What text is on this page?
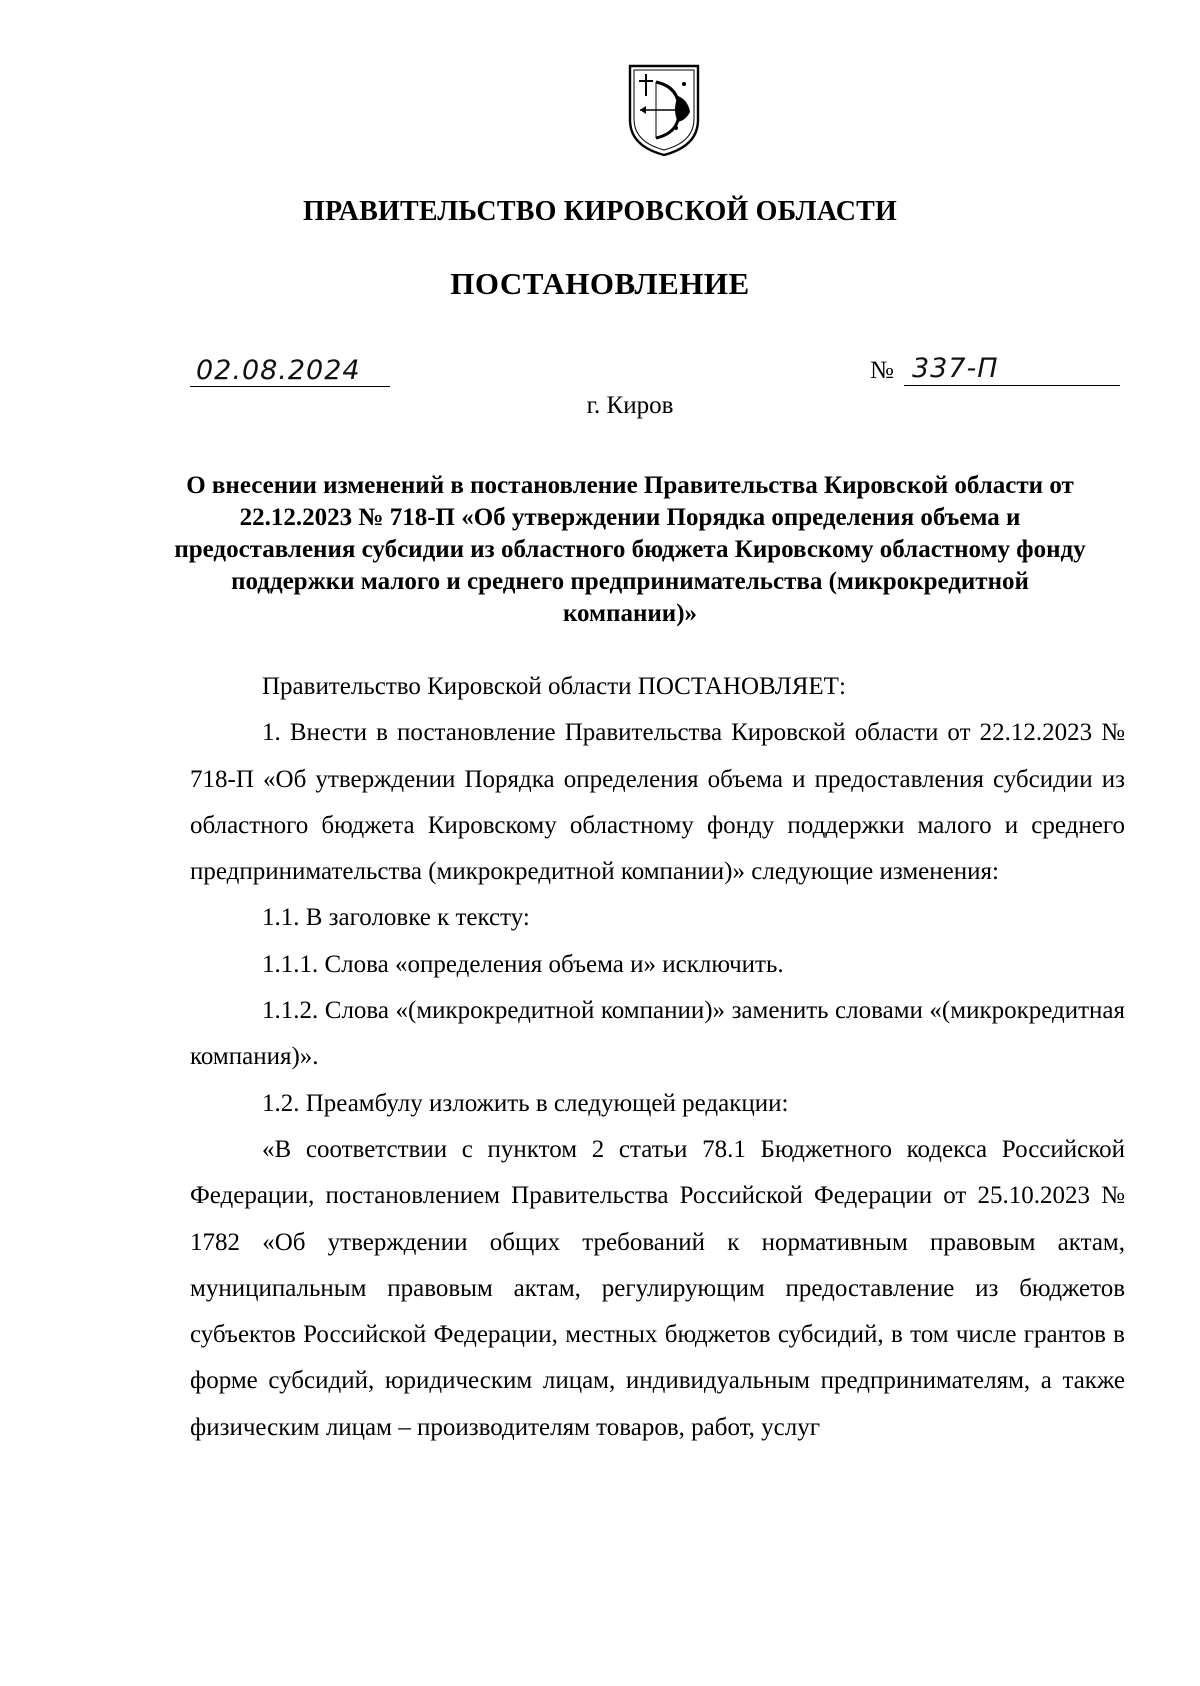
ПРАВИТЕЛЬСТВО КИРОВСКОЙ ОБЛАСТИ
ПОСТАНОВЛЕНИЕ
02.08.2024	№ 337-П
г. Киров
О внесении изменений в постановление Правительства Кировской области от 22.12.2023 № 718-П «Об утверждении Порядка определения объема и предоставления субсидии из областного бюджета Кировскому областному фонду поддержки малого и среднего предпринимательства (микрокредитной компании)»

Правительство Кировской области ПОСТАНОВЛЯЕТ:

1. Внести в постановление Правительства Кировской области от 22.12.2023 № 718-П «Об утверждении Порядка определения объема и предоставления субсидии из областного бюджета Кировскому областному фонду поддержки малого и среднего предпринимательства (микрокредитной компании)» следующие изменения:

1.1. В заголовке к тексту:

1.1.1. Слова «определения объема и» исключить.

1.1.2. Слова «(микрокредитной компании)» заменить словами «(микрокредитная компания)».

1.2. Преамбулу изложить в следующей редакции:

«В соответствии с пунктом 2 статьи 78.1 Бюджетного кодекса Российской Федерации, постановлением Правительства Российской Федерации от 25.10.2023 № 1782 «Об утверждении общих требований к нормативным правовым актам, муниципальным правовым актам, регулирующим предоставление из бюджетов субъектов Российской Федерации, местных бюджетов субсидий, в том числе грантов в форме субсидий, юридическим лицам, индивидуальным предпринимателям, а также физическим лицам – производителям товаров, работ, услуг
